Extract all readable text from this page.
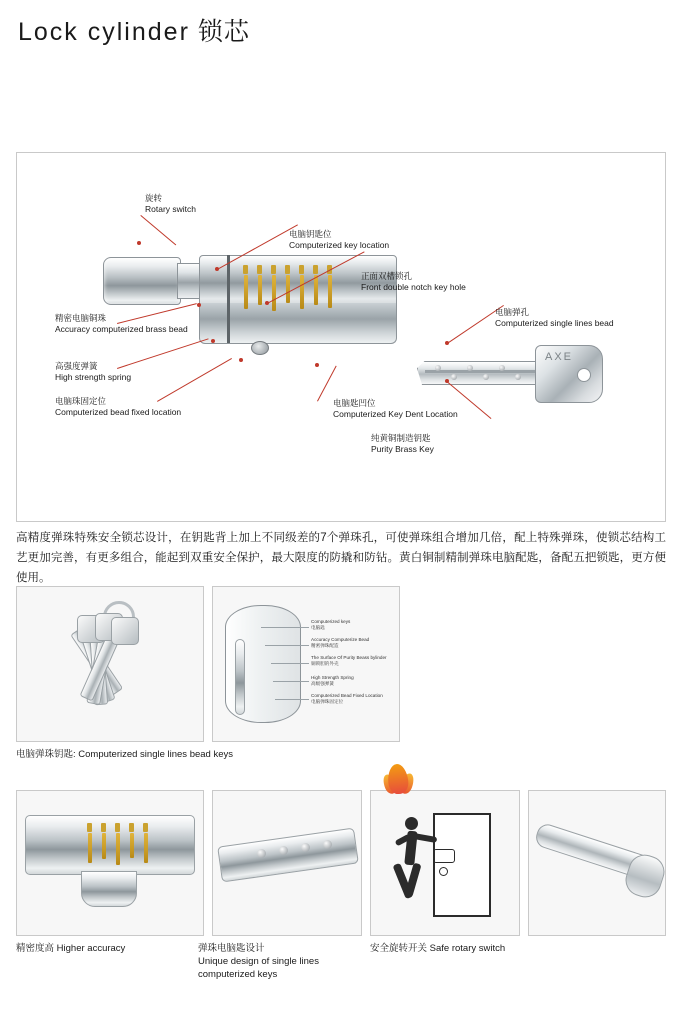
Lock cylinder 锁芯
AXE
旋转
Rotary switch
电脑钥匙位
Computerized key location
正面双槽锁孔
Front double notch key hole
电脑弹孔
Computerized single lines bead
精密电脑铜珠
Accuracy computerized brass bead
高强度弹簧
High strength spring
电脑珠固定位
Computerized bead fixed location
电脑匙凹位
Computerized Key Dent Location
纯黄铜制造钥匙
Purity Brass Key
高精度弹珠特殊安全锁芯设计，在钥匙背上加上不同级差的7个弹珠孔，可使弹珠组合增加几倍，配上特殊弹珠，使锁芯结构工艺更加完善，有更多组合，能起到双重安全保护，最大限度的防撬和防钻。黄白铜制精制弹珠电脑配匙，备配五把锁匙，更方便使用。
Computerized keys
电脑匙
Accuracy Computerize Bead
精密弹珠配造
The Surface Of Purity Beass bylinder
铜锁胆的外壳
High Strength Spring
高级强弹簧
Computerized Bead Fixed Location
电脑弹珠固定位
电脑弹珠钥匙: Computerized single lines bead keys
精密度高 Higher accuracy	弹珠电脑匙设计
Unique design of single lines computerized keys
安全旋转开关 Safe rotary switch
